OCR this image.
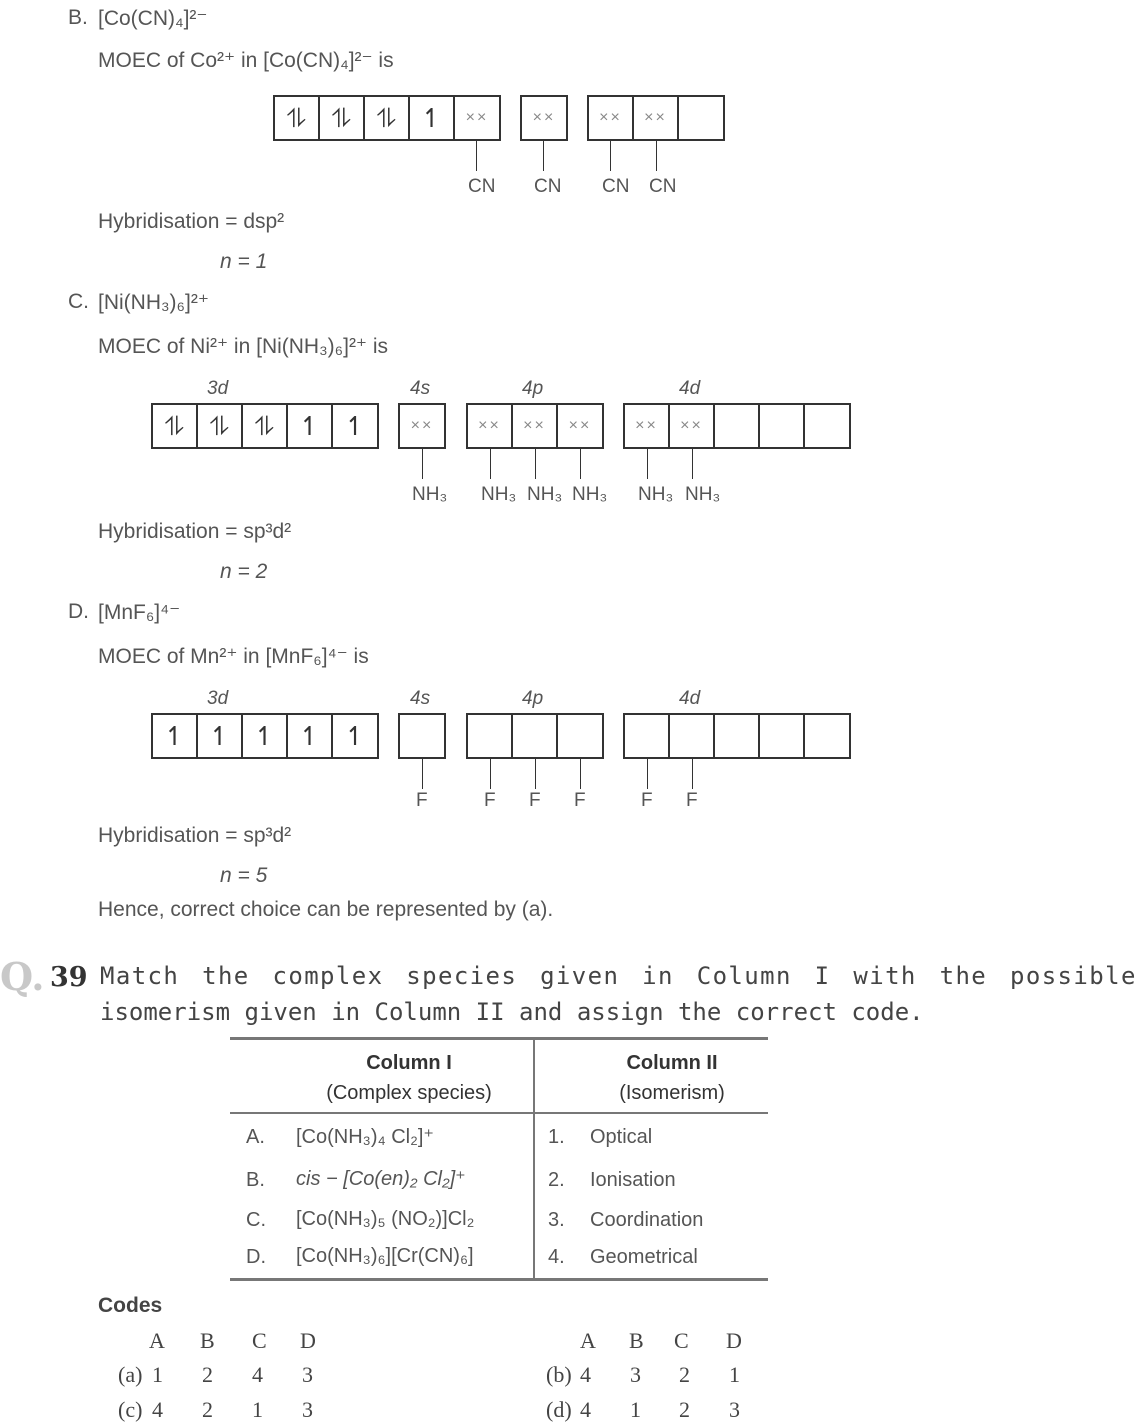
B. [Co(CN)₄]²⁻
MOEC of Co²⁺ in [Co(CN)₄]²⁻ is
⥮	⥮	⥮ ↿	××	××	××	××
CN CN CN CN
Hybridisation = dsp²
n = 1
C. [Ni(NH₃)₆]²⁺
MOEC of Ni²⁺ in [Ni(NH₃)₆]²⁺ is
3d	4s	4p	4d
⥮	⥮	⥮ ↿ ↿	××	××	××	××	××	××
NH₃ NH₃ NH₃ NH₃ NH₃ NH₃
Hybridisation = sp³d²
n = 2
D. [MnF₆]⁴⁻
MOEC of Mn²⁺ in [MnF₆]⁴⁻ is
3d	4s	4p	4d
↿ ↿ ↿ ↿ ↿
F	F F F	F F
Hybridisation = sp³d²
n = 5
Hence, correct choice can be represented by (a).
Q. 39 Match the complex species given in Column I with the possible
isomerism given in Column II and assign the correct code.
Column I
(Complex species)
Column II
(Isomerism)
A. [Co(NH₃)₄ Cl₂]⁺	1. Optical
B. cis − [Co(en)₂ Cl₂]⁺	2. Ionisation
C. [Co(NH₃)₅ (NO₂)]Cl₂	3. Coordination
D. [Co(NH₃)₆][Cr(CN)₆]	4. Geometrical
Codes
A B C D	A B C D
(a) 1 2 4 3	(b) 4 3 2 1
(c) 4 2 1 3	(d) 4 1 2 3
